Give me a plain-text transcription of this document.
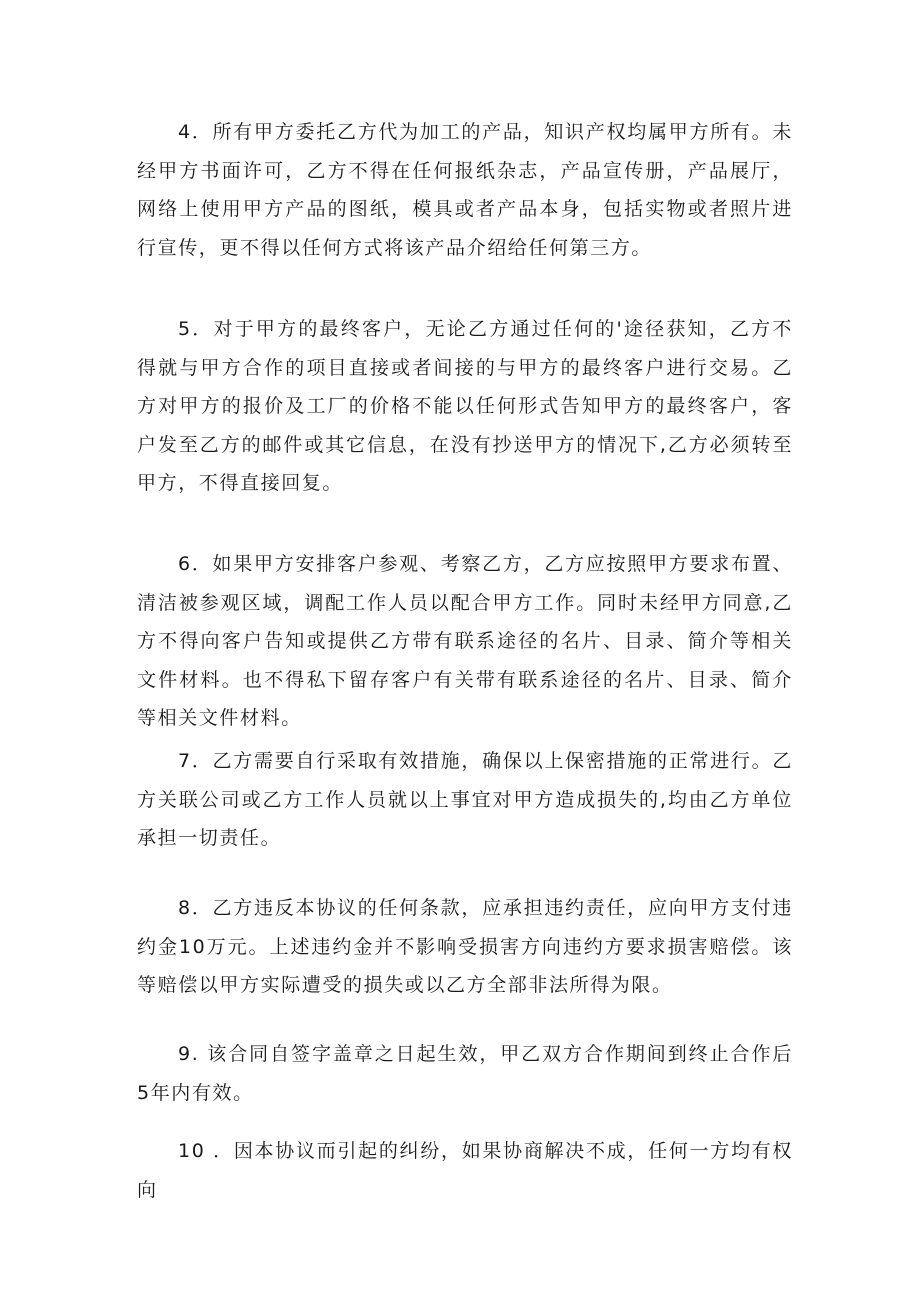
4．所有甲方委托乙方代为加工的产品，知识产权均属甲方所有。未经甲方书面许可，乙方不得在任何报纸杂志，产品宣传册，产品展厅，网络上使用甲方产品的图纸，模具或者产品本身，包括实物或者照片进行宣传，更不得以任何方式将该产品介绍给任何第三方。

5．对于甲方的最终客户，无论乙方通过任何的'途径获知，乙方不得就与甲方合作的项目直接或者间接的与甲方的最终客户进行交易。乙方对甲方的报价及工厂的价格不能以任何形式告知甲方的最终客户，客户发至乙方的邮件或其它信息，在没有抄送甲方的情况下,乙方必须转至甲方，不得直接回复。

6．如果甲方安排客户参观、考察乙方，乙方应按照甲方要求布置、清洁被参观区域，调配工作人员以配合甲方工作。同时未经甲方同意,乙方不得向客户告知或提供乙方带有联系途径的名片、目录、简介等相关文件材料。也不得私下留存客户有关带有联系途径的名片、目录、简介等相关文件材料。

7．乙方需要自行采取有效措施，确保以上保密措施的正常进行。乙方关联公司或乙方工作人员就以上事宜对甲方造成损失的,均由乙方单位承担一切责任。

8．乙方违反本协议的任何条款，应承担违约责任，应向甲方支付违约金10万元。上述违约金并不影响受损害方向违约方要求损害赔偿。该等赔偿以甲方实际遭受的损失或以乙方全部非法所得为限。

9. 该合同自签字盖章之日起生效，甲乙双方合作期间到终止合作后5年内有效。

10 ．因本协议而引起的纠纷，如果协商解决不成，任何一方均有权向
